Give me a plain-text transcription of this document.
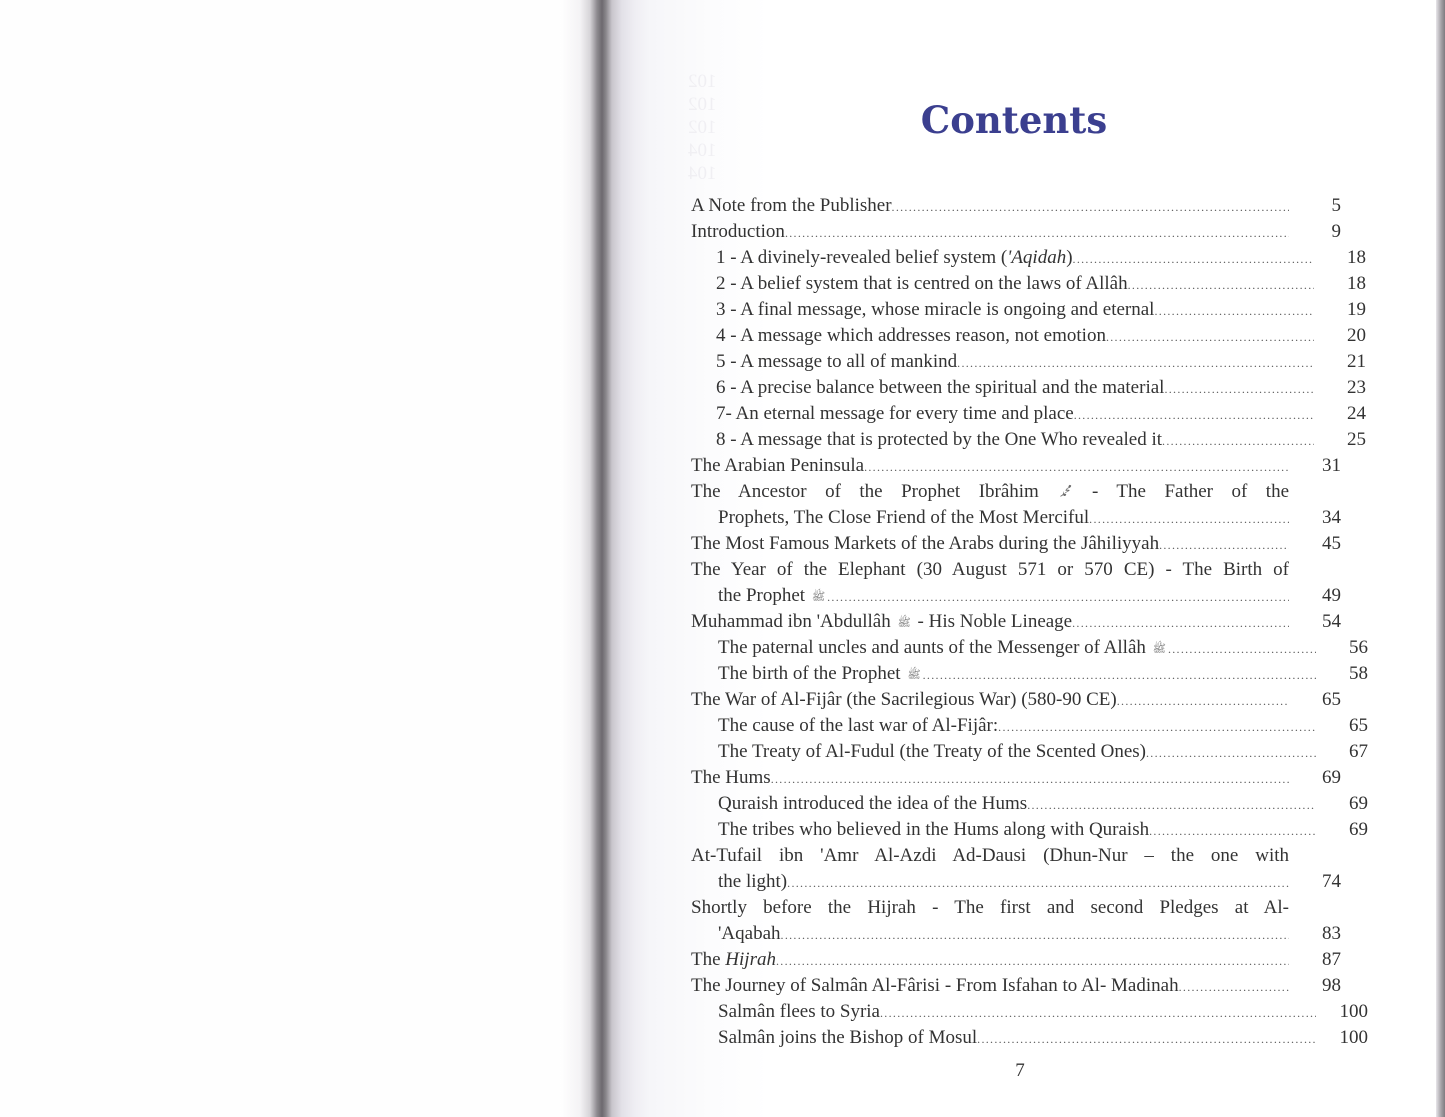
102
102
102
104
104
Contents
A Note from the Publisher .....	5
Introduction .....	9
1 - A divinely-revealed belief system ('Aqidah) .....	18
2 - A belief system that is centred on the laws of Allâh .....	18
3 - A final message, whose miracle is ongoing and eternal .....	19
4 - A message which addresses reason, not emotion .....	20
5 - A message to all of mankind .....	21
6 - A precise balance between the spiritual and the material .....	23
7- An eternal message for every time and place .....	24
8 - A message that is protected by the One Who revealed it .....	25
The Arabian Peninsula .....	31
The Ancestor of the Prophet Ibrâhim ﷴ - The Father of the
Prophets, The Close Friend of the Most Merciful .....	34
The Most Famous Markets of the Arabs during the Jâhiliyyah .....	45
The Year of the Elephant (30 August 571 or 570 CE) - The Birth of
the Prophet ﷺ .....	49
Muhammad ibn 'Abdullâh ﷺ - His Noble Lineage .....	54
The paternal uncles and aunts of the Messenger of Allâh ﷺ .....	56
The birth of the Prophet ﷺ .....	58
The War of Al-Fijâr (the Sacrilegious War) (580-90 CE) .....	65
The cause of the last war of Al-Fijâr: .....	65
The Treaty of Al-Fudul (the Treaty of the Scented Ones) .....	67
The Hums .....	69
Quraish introduced the idea of the Hums .....	69
The tribes who believed in the Hums along with Quraish .....	69
At-Tufail ibn 'Amr Al-Azdi Ad-Dausi (Dhun-Nur – the one with
the light) .....	74
Shortly before the Hijrah - The first and second Pledges at Al-
'Aqabah .....	83
The Hijrah .....	87
The Journey of Salmân Al-Fârisi - From Isfahan to Al- Madinah .....	98
Salmân flees to Syria .....	100
Salmân joins the Bishop of Mosul .....	100
7
